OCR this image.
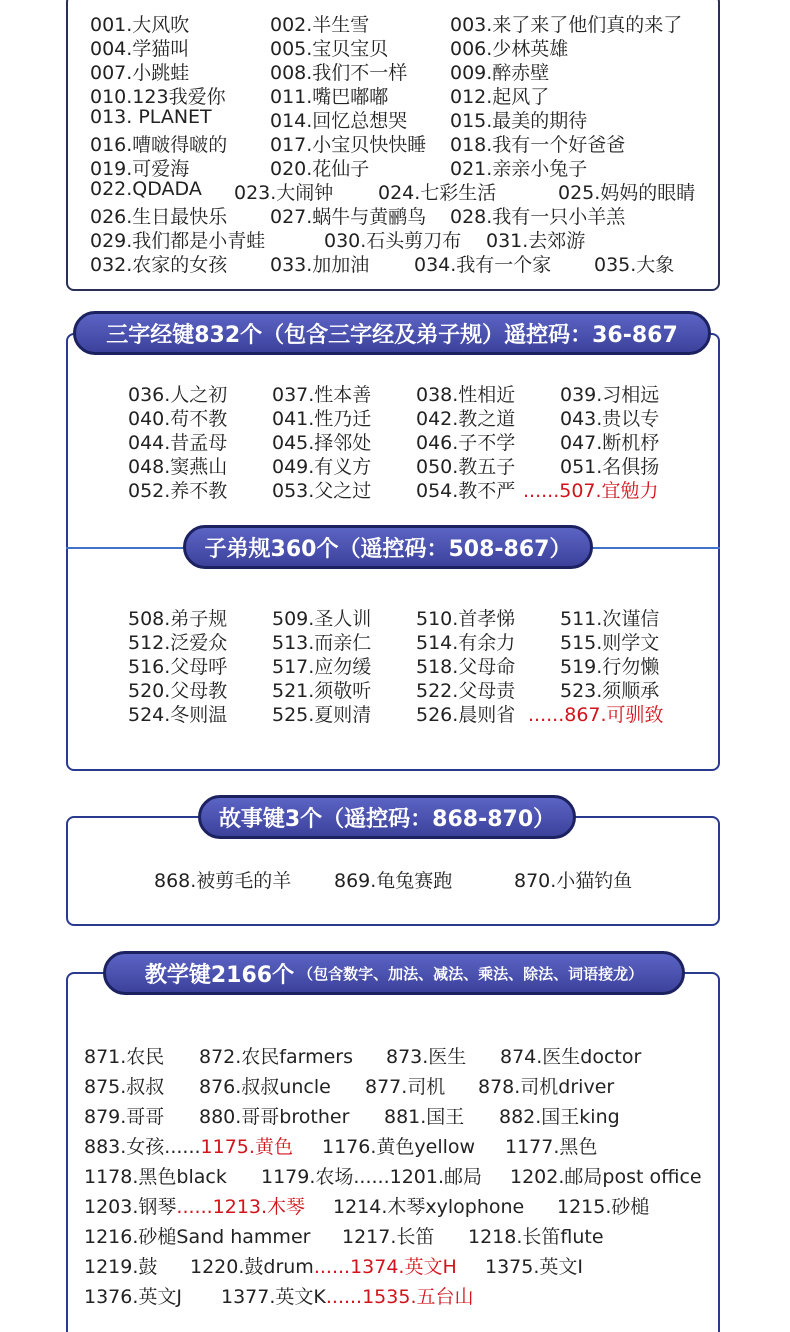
001.大风吹	002.半生雪	003.来了来了他们真的来了
004.学猫叫	005.宝贝宝贝	006.少林英雄
007.小跳蛙	008.我们不一样 009.醉赤壁
010.123我爱你 011.嘴巴嘟嘟	012.起风了
013. PLANET	014.回忆总想哭 015.最美的期待
016.嘈啵得啵的 017.小宝贝快快睡 018.我有一个好爸爸
019.可爱海	020.花仙子	021.亲亲小兔子
022.QDADA 023.大闹钟 024.七彩生活	025.妈妈的眼睛
026.生日最快乐 027.蜗牛与黄鹂鸟 028.我有一只小羊羔
029.我们都是小青蛙	030.石头剪刀布 031.去郊游
032.农家的女孩 033.加加油 034.我有一个家 035.大象
三字经键832个（包含三字经及弟子规）遥控码：36-867
036.人之初 037.性本善 038.性相近 039.习相远
040.苟不教 041.性乃迁 042.教之道 043.贵以专
044.昔孟母 045.择邻处 046.子不学 047.断机杼
048.窦燕山 049.有义方 050.教五子 051.名俱扬
052.养不教 053.父之过 054.教不严 ......507.宜勉力
子弟规360个（遥控码：508-867）
508.弟子规 509.圣人训 510.首孝悌 511.次谨信
512.泛爱众 513.而亲仁 514.有余力 515.则学文
516.父母呼 517.应勿缓 518.父母命 519.行勿懒
520.父母教 521.须敬听 522.父母责 523.须顺承
524.冬则温 525.夏则清 526.晨则省 ......867.可驯致
故事键3个（遥控码：868-870）
868.被剪毛的羊 869.龟兔赛跑	870.小猫钓鱼
教学键2166个 （包含数字、加法、减法、乘法、除法、词语接龙）
871.农民 872.农民farmers 873.医生 874.医生doctor
875.叔叔 876.叔叔uncle 877.司机 878.司机driver
879.哥哥 880.哥哥brother 881.国王 882.国王king
883.女孩......1175.黄色 1176.黄色yellow 1177.黑色
1178.黑色black 1179.农场......1201.邮局 1202.邮局post office
1203.钢琴......1213.木琴 1214.木琴xylophone 1215.砂槌
1216.砂槌Sand hammer 1217.长笛 1218.长笛flute
1219.鼓 1220.鼓drum......1374.英文H 1375.英文I
1376.英文J 1377.英文K......1535.五台山
